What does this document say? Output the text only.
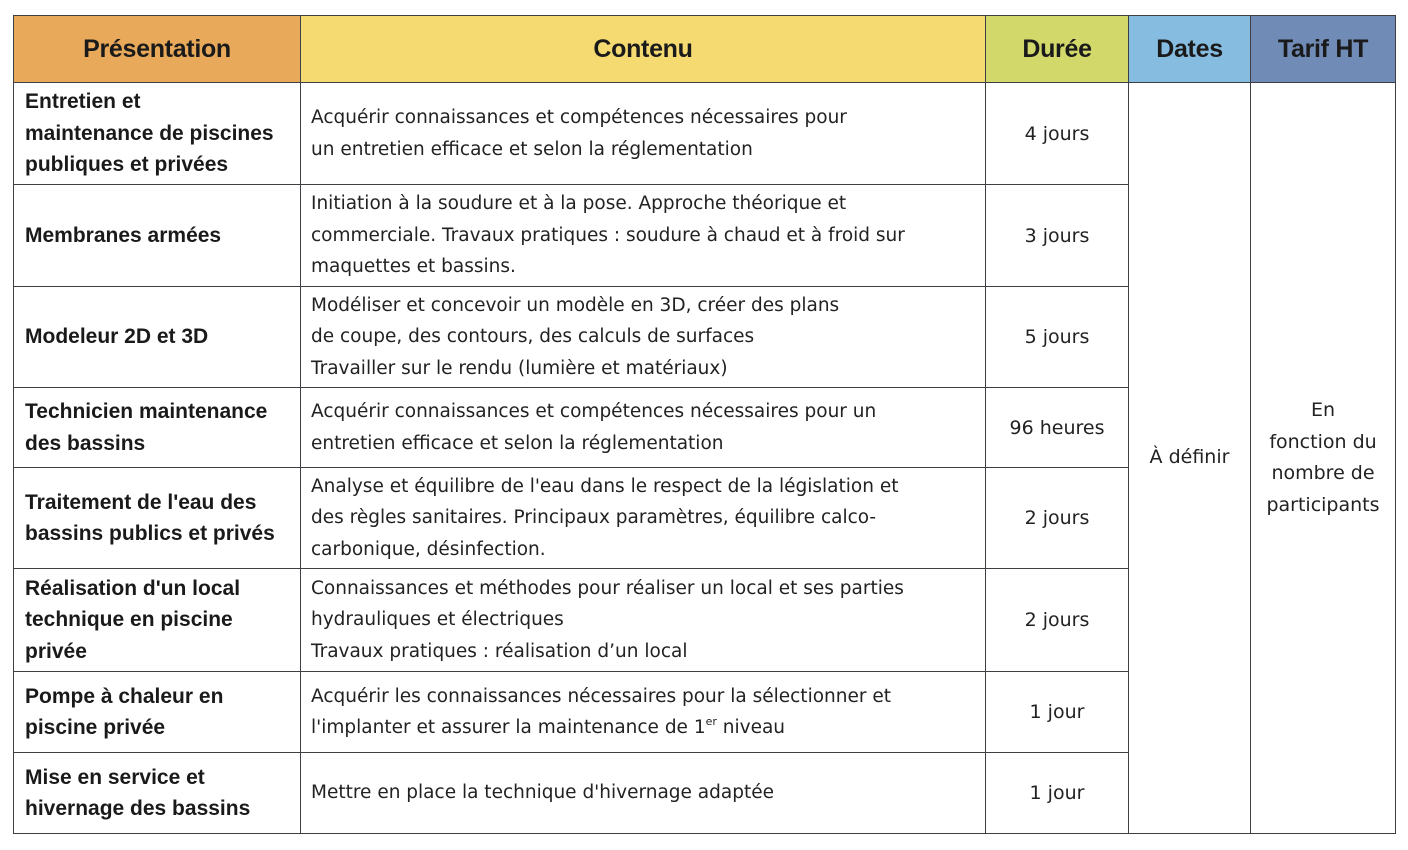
Présentation	Contenu	Durée	Dates	Tarif HT

Entretien et
maintenance de piscines
publiques et privées	Acquérir connaissances et compétences nécessaires pour
un entretien efficace et selon la réglementation	4 jours	À définir	En
fonction du
nombre de
participants

Membranes armées	Initiation à la soudure et à la pose. Approche théorique et
commerciale. Travaux pratiques : soudure à chaud et à froid sur
maquettes et bassins.	3 jours		

Modeleur 2D et 3D	Modéliser et concevoir un modèle en 3D, créer des plans
de coupe, des contours, des calculs de surfaces
Travailler sur le rendu (lumière et matériaux)	5 jours		

Technicien maintenance
des bassins	Acquérir connaissances et compétences nécessaires pour un
entretien efficace et selon la réglementation	96 heures		

Traitement de l'eau des
bassins publics et privés	Analyse et équilibre de l'eau dans le respect de la législation et
des règles sanitaires. Principaux paramètres, équilibre calco-
carbonique, désinfection.	2 jours		

Réalisation d'un local
technique en piscine
privée	Connaissances et méthodes pour réaliser un local et ses parties
hydrauliques et électriques
Travaux pratiques : réalisation d’un local	2 jours		

Pompe à chaleur en
piscine privée	Acquérir les connaissances nécessaires pour la sélectionner et
l'implanter et assurer la maintenance de 1er niveau	1 jour		

Mise en service et
hivernage des bassins	Mettre en place la technique d'hivernage adaptée	1 jour		
